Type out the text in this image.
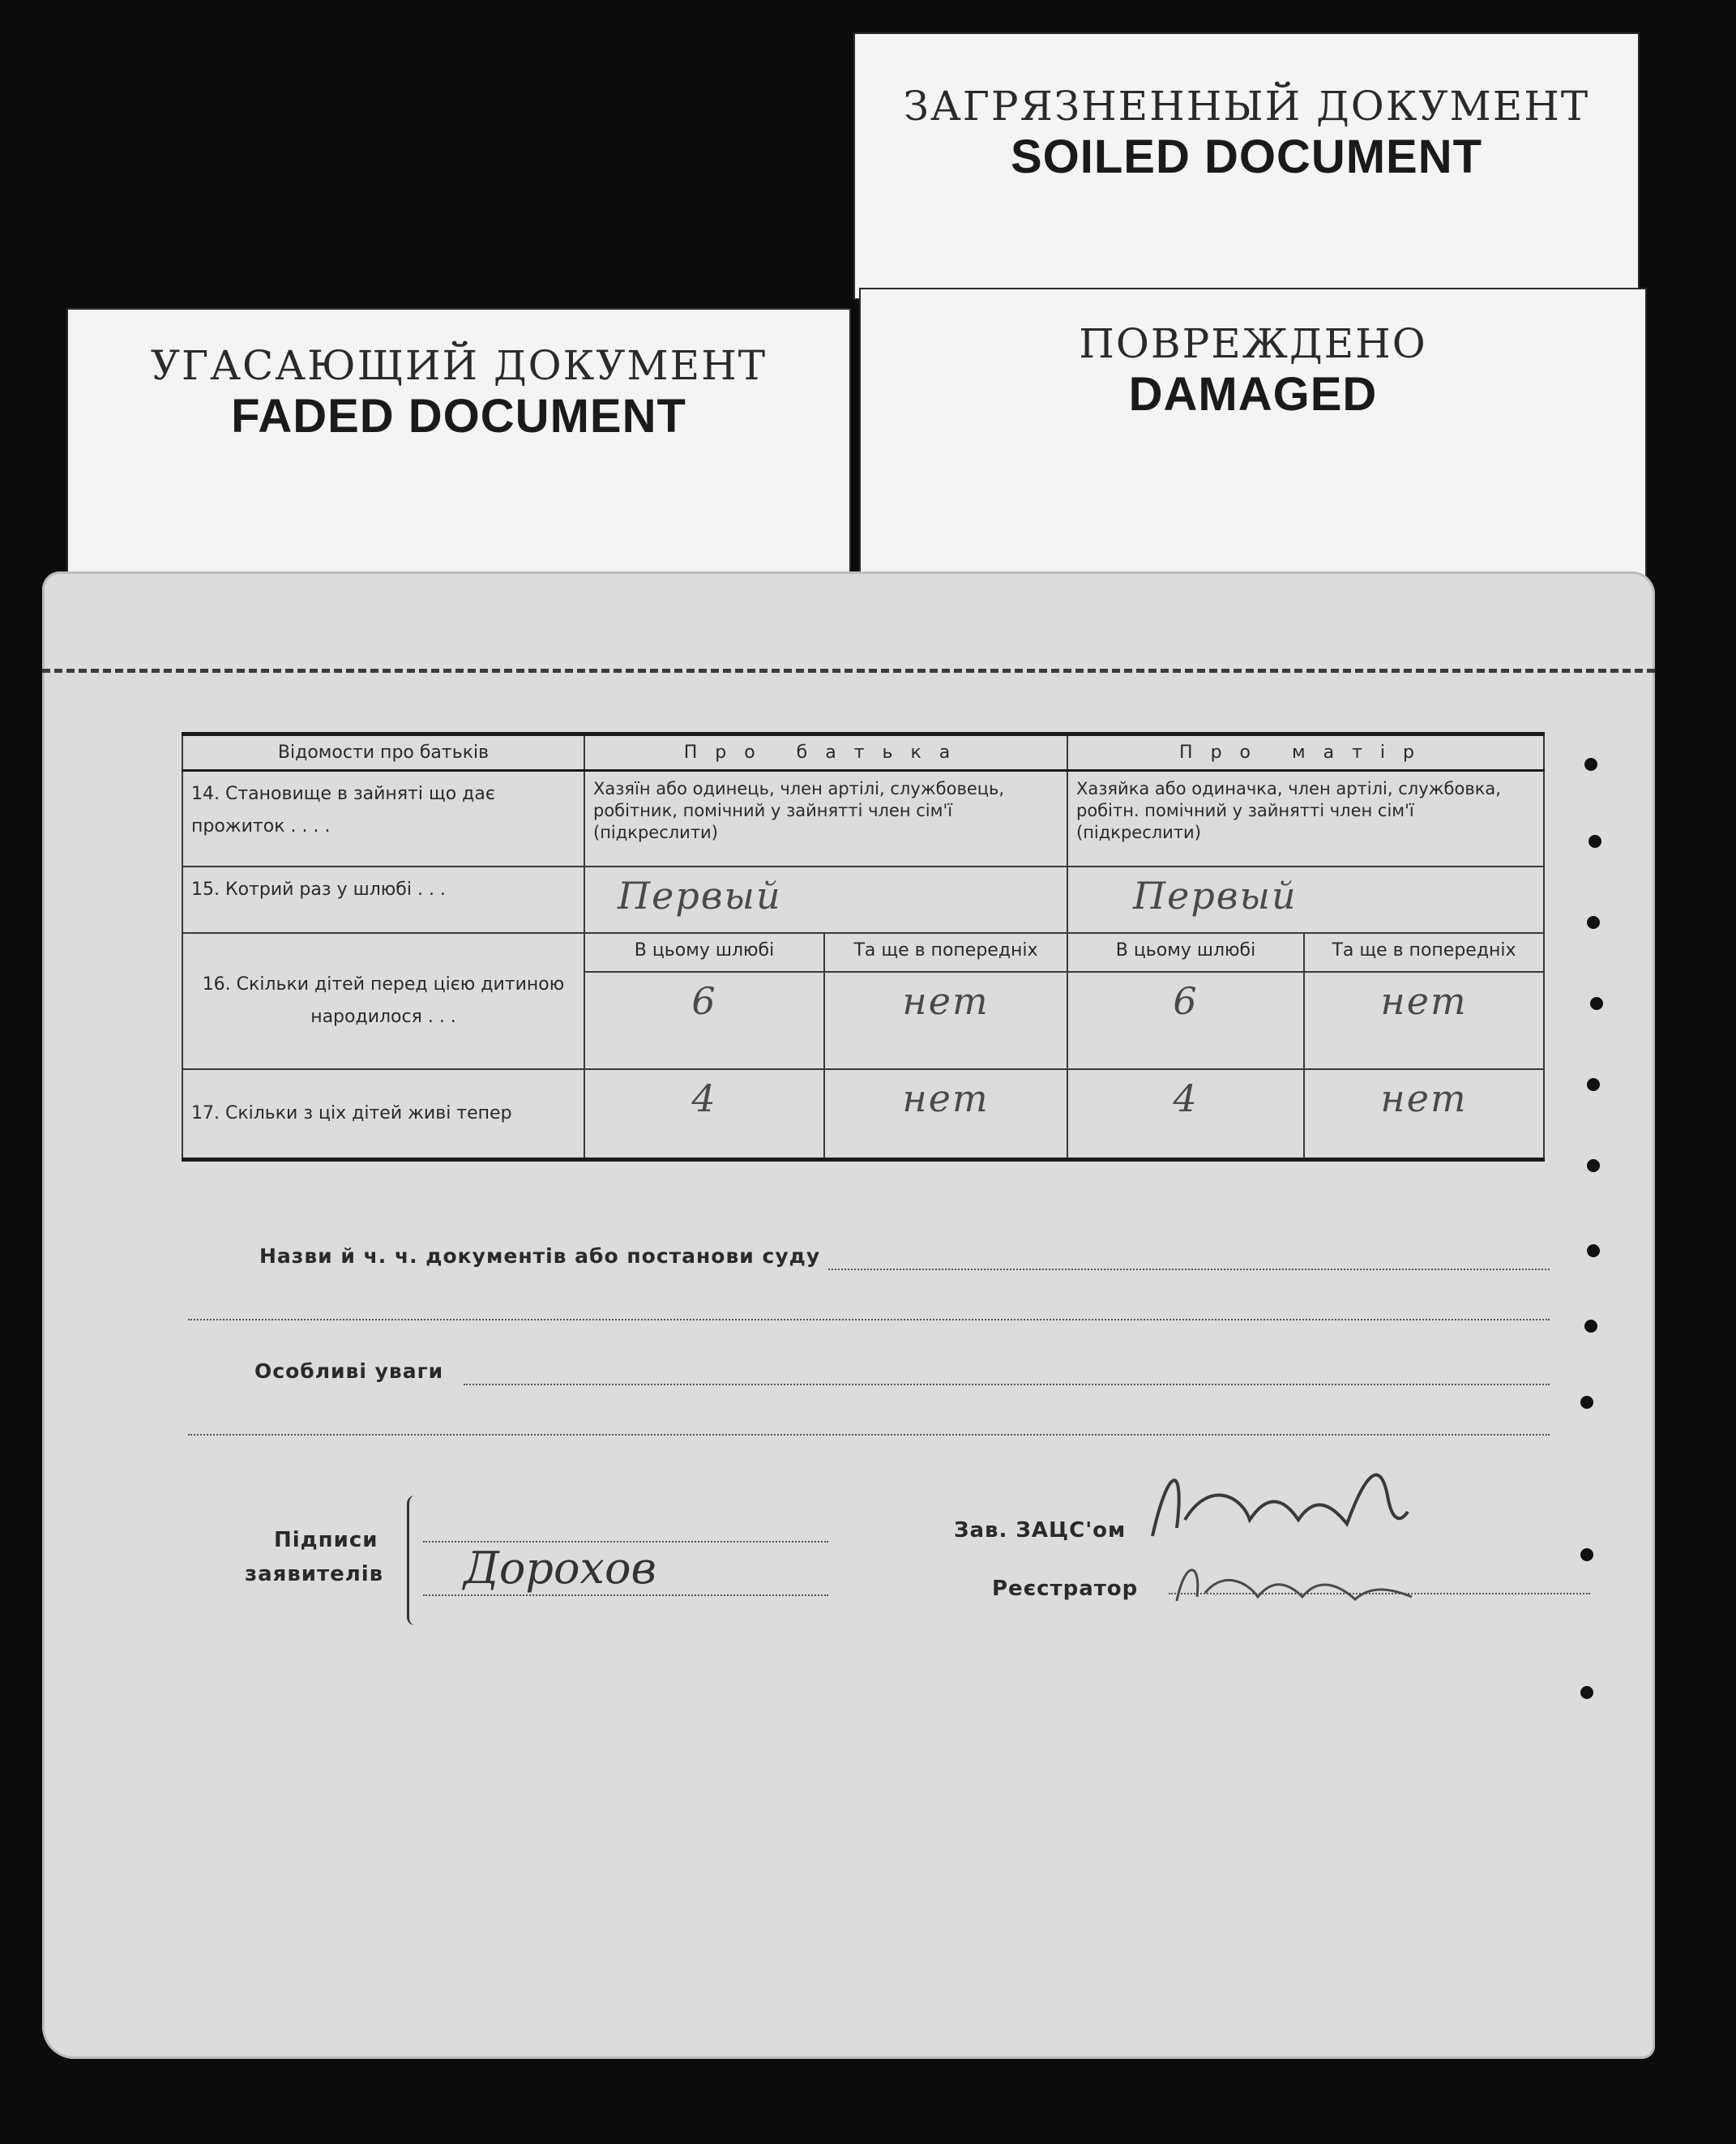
ЗАГРЯЗНЕННЫЙ ДОКУМЕНТ
SOILED DOCUMENT
ПОВРЕЖДЕНО
DAMAGED
УГАСАЮЩИЙ ДОКУМЕНТ
FADED DOCUMENT
Відомости про батьків	Про батька		Про матір	
14. Становище в зайняті що дає прожиток . . . .	Хазяїн або одинець, член артілі, службовець, робітник, помічний у зайнятті член сім'ї (підкреслити)		Хазяйка або одиначка, член артілі, службовка, робітн. помічний у зайнятті член сім'ї (підкреслити)	
15. Котрий раз у шлюбі . . .	Первый		Первый	
16. Скільки дітей перед цією дитиною народилося . . .	В цьому шлюбі	Та ще в попередніх	В цьому шлюбі	Та ще в попередніх
	6	нет	6	нет
17. Скільки з ціх дітей живі тепер	4	нет	4	нет
Назви й ч. ч. документів або постанови суду
Особливі уваги
Підписи
заявителів Дорохов
Зав. ЗАЦС'ом
Реєстратор
